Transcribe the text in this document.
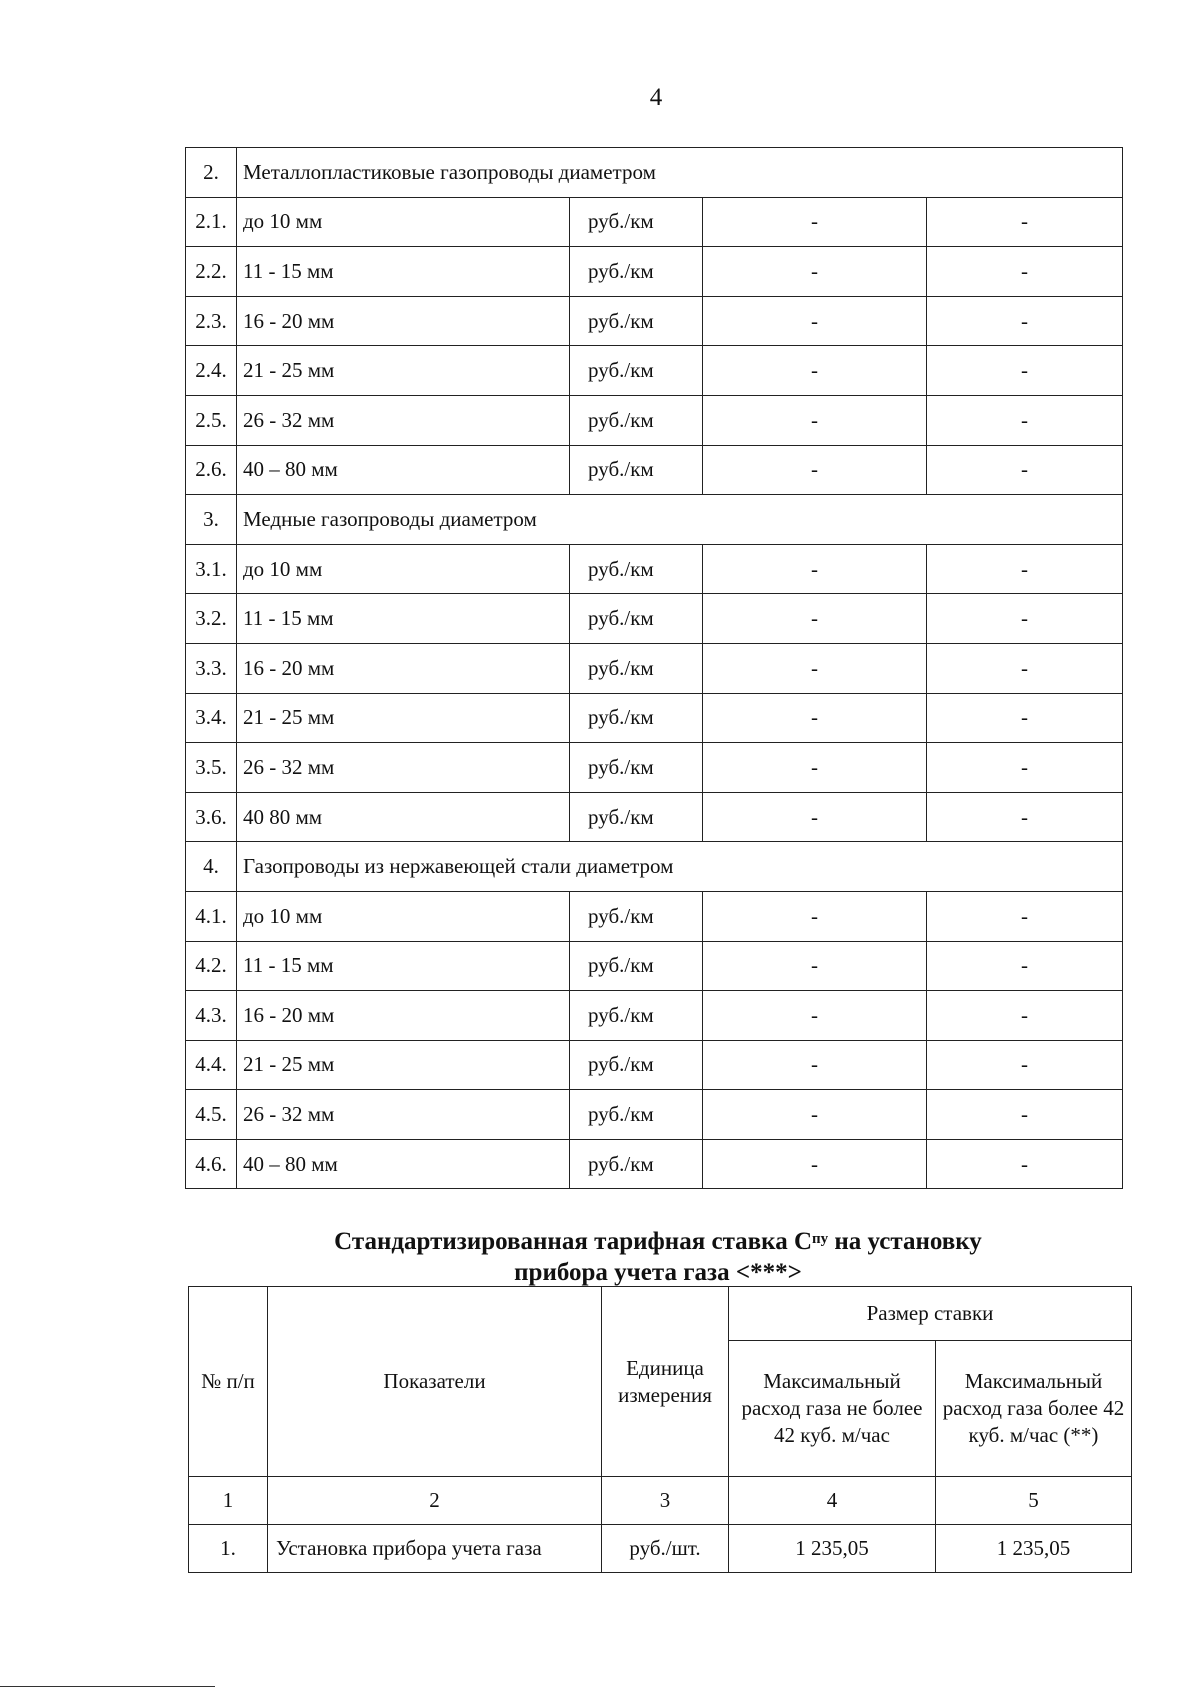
4
2.	Металлопластиковые газопроводы диаметром			
2.1.	до 10 мм	руб./км	-	-
2.2.	11 - 15 мм	руб./км	-	-
2.3.	16 - 20 мм	руб./км	-	-
2.4.	21 - 25 мм	руб./км	-	-
2.5.	26 - 32 мм	руб./км	-	-
2.6.	40 – 80 мм	руб./км	-	-
3.	Медные газопроводы диаметром			
3.1.	до 10 мм	руб./км	-	-
3.2.	11 - 15 мм	руб./км	-	-
3.3.	16 - 20 мм	руб./км	-	-
3.4.	21 - 25 мм	руб./км	-	-
3.5.	26 - 32 мм	руб./км	-	-
3.6.	40 80 мм	руб./км	-	-
4.	Газопроводы из нержавеющей стали диаметром			
4.1.	до 10 мм	руб./км	-	-
4.2.	11 - 15 мм	руб./км	-	-
4.3.	16 - 20 мм	руб./км	-	-
4.4.	21 - 25 мм	руб./км	-	-
4.5.	26 - 32 мм	руб./км	-	-
4.6.	40 – 80 мм	руб./км	-	-
Стандартизированная тарифная ставка $С^{пу}$ на установку
прибора учета газа <***>
№ п/п	Показатели	Единица измерения	Размер ставки	
			Максимальный расход газа не более 42 куб. м/час	Максимальный расход газа более 42 куб. м/час (**)
1	2	3	4	5
1.	Установка прибора учета газа	руб./шт.	1 235,05	1 235,05
